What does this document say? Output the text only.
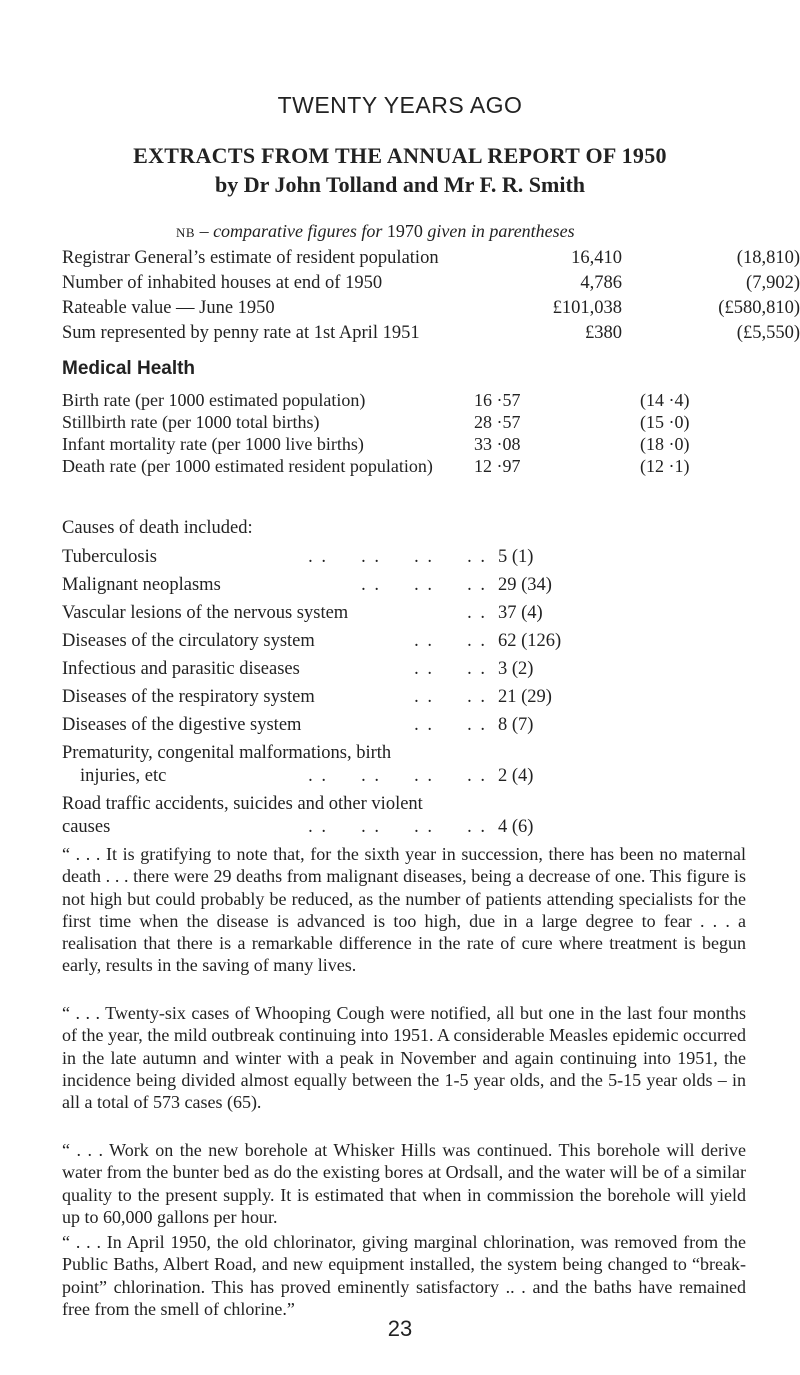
TWENTY YEARS AGO
EXTRACTS FROM THE ANNUAL REPORT OF 1950
by Dr John Tolland and Mr F. R. Smith
NB – comparative figures for 1970 given in parentheses
Registrar General’s estimate of resident population	16,410	(18,810)
Number of inhabited houses at end of 1950	4,786	(7,902)
Rateable value — June 1950	£101,038	(£580,810)
Sum represented by penny rate at 1st April 1951	£380	(£5,550)
Medical Health
Birth rate (per 1000 estimated population)	16 ·57	(14 ·4)
Stillbirth rate (per 1000 total births)	28 ·57	(15 ·0)
Infant mortality rate (per 1000 live births)	33 ·08	(18 ·0)
Death rate (per 1000 estimated resident population) 12 ·97	(12 ·1)
Causes of death included:
Tuberculosis	. . . . . . . . 5 (1)
Malignant neoplasms	. . . . . . 29 (34)
Vascular lesions of the nervous system	. . 37 (4)
Diseases of the circulatory system	. . . . 62 (126)
Infectious and parasitic diseases	. . . . 3 (2)
Diseases of the respiratory system	. . . . 21 (29)
Diseases of the digestive system	. . . . 8 (7)
Prematurity, congenital malformations, birth
injuries, etc	. . . . . . . . 2 (4)
Road traffic accidents, suicides and other violent
causes	. . . . . . . . 4 (6)

“ . . . It is gratifying to note that, for the sixth year in succession, there has been no maternal death . . . there were 29 deaths from malignant diseases, being a decrease of one. This figure is not high but could probably be reduced, as the number of patients attending specialists for the first time when the disease is advanced is too high, due in a large degree to fear . . . a realisation that there is a remarkable difference in the rate of cure where treatment is begun early, results in the saving of many lives.

“ . . . Twenty-six cases of Whooping Cough were notified, all but one in the last four months of the year, the mild outbreak continuing into 1951. A considerable Measles epidemic occurred in the late autumn and winter with a peak in November and again continuing into 1951, the incidence being divided almost equally between the 1-5 year olds, and the 5-15 year olds – in all a total of 573 cases (65).

“ . . . Work on the new borehole at Whisker Hills was continued. This borehole will derive water from the bunter bed as do the existing bores at Ordsall, and the water will be of a similar quality to the present supply. It is estimated that when in commission the borehole will yield up to 60,000 gallons per hour.

“ . . . In April 1950, the old chlorinator, giving marginal chlorination, was removed from the Public Baths, Albert Road, and new equipment installed, the system being changed to “break-point” chlorination. This has proved eminently satisfactory .. . and the baths have remained free from the smell of chlorine.”

23
